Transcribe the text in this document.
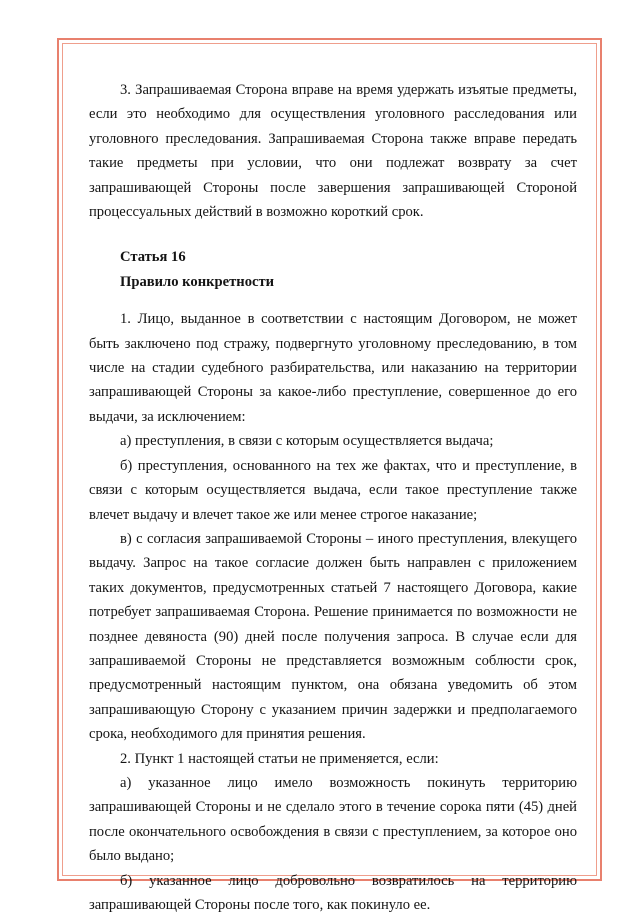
3. Запрашиваемая Сторона вправе на время удержать изъятые предметы, если это необходимо для осуществления уголовного расследования или уголовного преследования. Запрашиваемая Сторона также вправе передать такие предметы при условии, что они подлежат возврату за счет запрашивающей Стороны после завершения запрашивающей Стороной процессуальных действий в возможно короткий срок.

Статья 16

Правило конкретности

1. Лицо, выданное в соответствии с настоящим Договором, не может быть заключено под стражу, подвергнуто уголовному преследованию, в том числе на стадии судебного разбирательства, или наказанию на территории запрашивающей Стороны за какое-либо преступление, совершенное до его выдачи, за исключением:

а) преступления, в связи с которым осуществляется выдача;

б) преступления, основанного на тех же фактах, что и преступление, в связи с которым осуществляется выдача, если такое преступление также влечет выдачу и влечет такое же или менее строгое наказание;

в) с согласия запрашиваемой Стороны – иного преступления, влекущего выдачу. Запрос на такое согласие должен быть направлен с приложением таких документов, предусмотренных статьей 7 настоящего Договора, какие потребует запрашиваемая Сторона. Решение принимается по возможности не позднее девяноста (90) дней после получения запроса. В случае если для запрашиваемой Стороны не представляется возможным соблюсти срок, предусмотренный настоящим пунктом, она обязана уведомить об этом запрашивающую Сторону с указанием причин задержки и предполагаемого срока, необходимого для принятия решения.

2. Пункт 1 настоящей статьи не применяется, если:

а) указанное лицо имело возможность покинуть территорию запрашивающей Стороны и не сделало этого в течение сорока пяти (45) дней после окончательного освобождения в связи с преступлением, за которое оно было выдано;

б) указанное лицо добровольно возвратилось на территорию запрашивающей Стороны после того, как покинуло ее.
